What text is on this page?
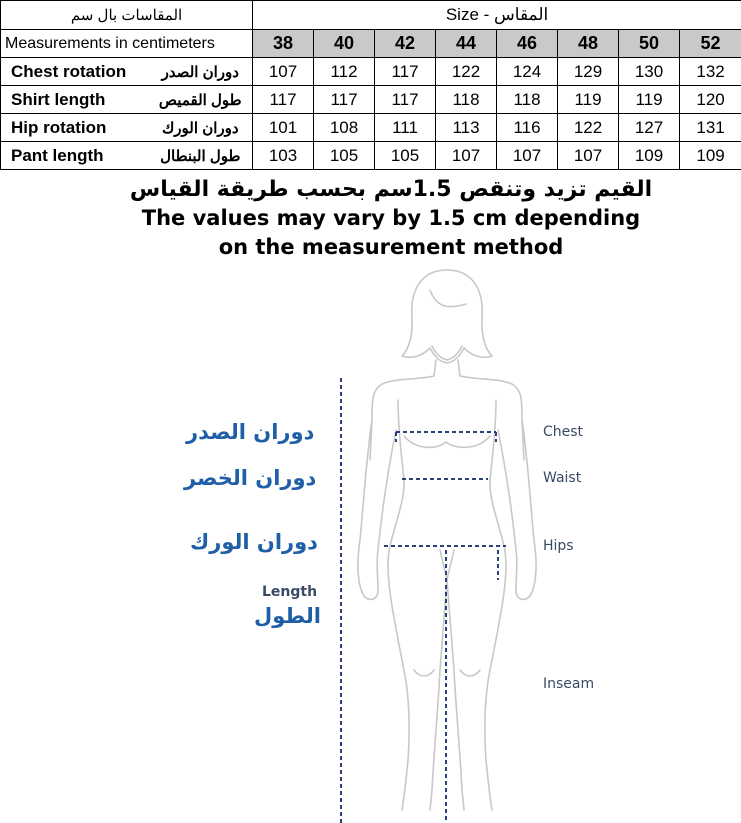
المقاسات بال سم		Size - المقاس							
Measurements in centimeters		38	40	42	44	46	48	50	52
Chest rotation	دوران الصدر	107	112	117	122	124	129	130	132
Shirt length	طول القميص	117	117	117	118	118	119	119	120
Hip rotation	دوران الورك	101	108	111	113	116	122	127	131
Pant length	طول البنطال	103	105	105	107	107	107	109	109
القيم تزيد وتنقص 1.5سم بحسب طريقة القياس
The values may vary by 1.5 cm depending
on the measurement method
دوران الصدر
دوران الخصر
دوران الورك
Length
الطول
Chest
Waist
Hips
Inseam
